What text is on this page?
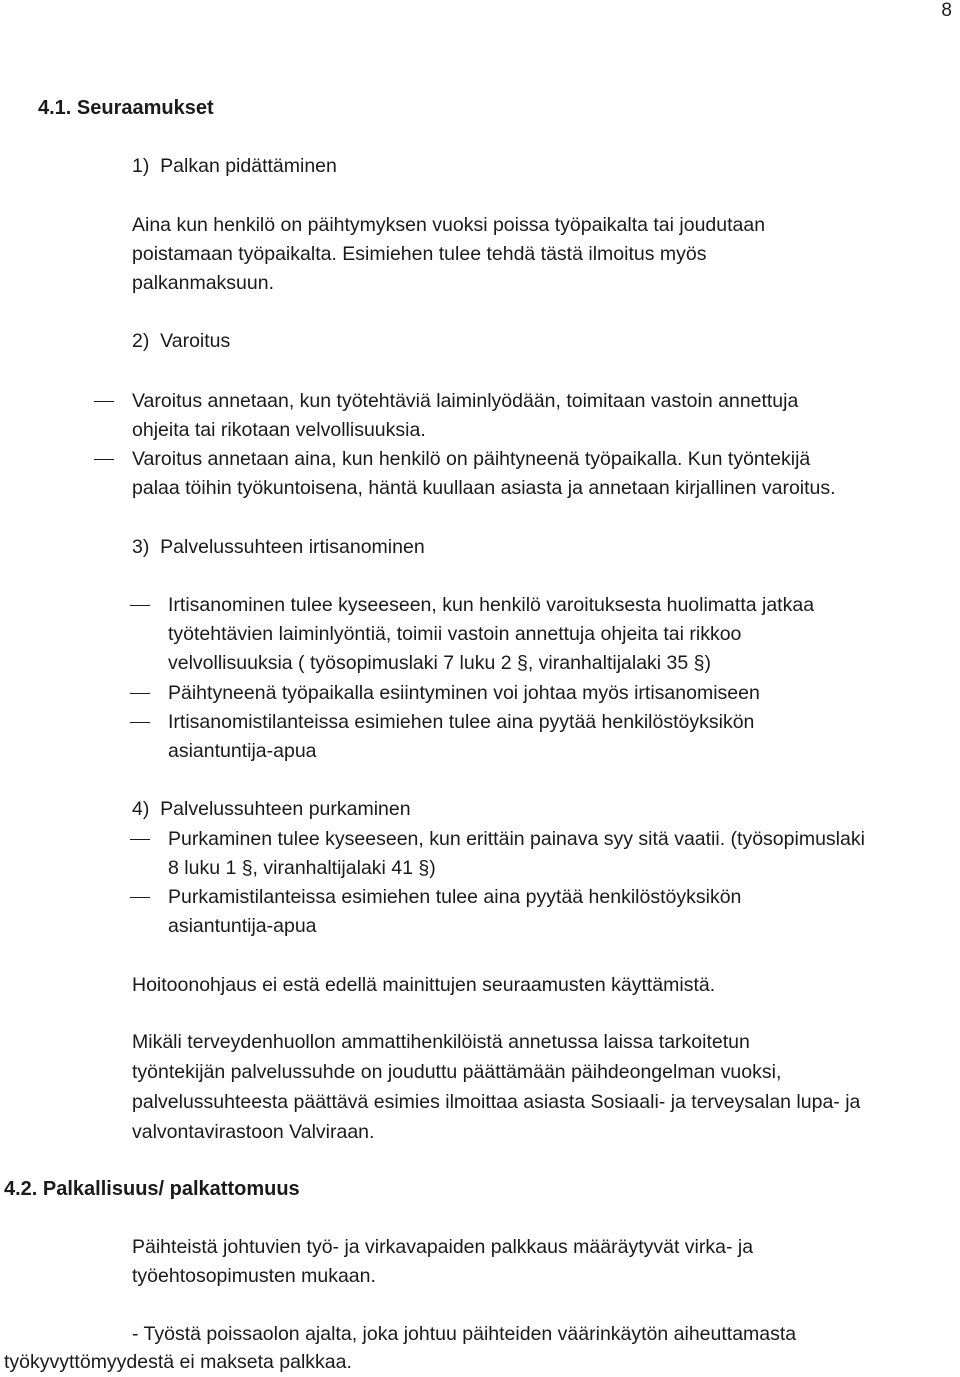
8
4.1. Seuraamukset
1)  Palkan pidättäminen
Aina kun henkilö on päihtymyksen vuoksi poissa työpaikalta tai joudutaan
poistamaan työpaikalta. Esimiehen tulee tehdä tästä ilmoitus myös
palkanmaksuun.
2)  Varoitus
Varoitus annetaan, kun työtehtäviä laiminlyödään, toimitaan vastoin annettuja
ohjeita tai rikotaan velvollisuuksia.
Varoitus annetaan aina, kun henkilö on päihtyneenä työpaikalla. Kun työntekijä
palaa töihin työkuntoisena, häntä kuullaan asiasta ja annetaan kirjallinen varoitus.
3)  Palvelussuhteen irtisanominen
Irtisanominen tulee kyseeseen, kun henkilö varoituksesta huolimatta jatkaa
työtehtävien laiminlyöntiä, toimii vastoin annettuja ohjeita tai rikkoo
velvollisuuksia ( työsopimuslaki 7 luku 2 §, viranhaltijalaki 35 §)
Päihtyneenä työpaikalla esiintyminen voi johtaa myös irtisanomiseen
Irtisanomistilanteissa esimiehen tulee aina pyytää henkilöstöyksikön
asiantuntija-apua
4)  Palvelussuhteen purkaminen
Purkaminen tulee kyseeseen, kun erittäin painava syy sitä vaatii. (työsopimuslaki
8 luku 1 §, viranhaltijalaki 41 §)
Purkamistilanteissa esimiehen tulee aina pyytää henkilöstöyksikön
asiantuntija-apua
Hoitoonohjaus ei estä edellä mainittujen seuraamusten käyttämistä.
Mikäli terveydenhuollon ammattihenkilöistä annetussa laissa tarkoitetun
työntekijän palvelussuhde on jouduttu päättämään päihdeongelman vuoksi,
palvelussuhteesta päättävä esimies ilmoittaa asiasta Sosiaali- ja terveysalan lupa- ja
valvontavirastoon Valviraan.
4.2. Palkallisuus/ palkattomuus
Päihteistä johtuvien työ- ja virkavapaiden palkkaus määräytyvät virka- ja
työehtosopimusten mukaan.
- Työstä poissaolon ajalta, joka johtuu päihteiden väärinkäytön aiheuttamasta
työkyvyttömyydestä ei makseta palkkaa.
